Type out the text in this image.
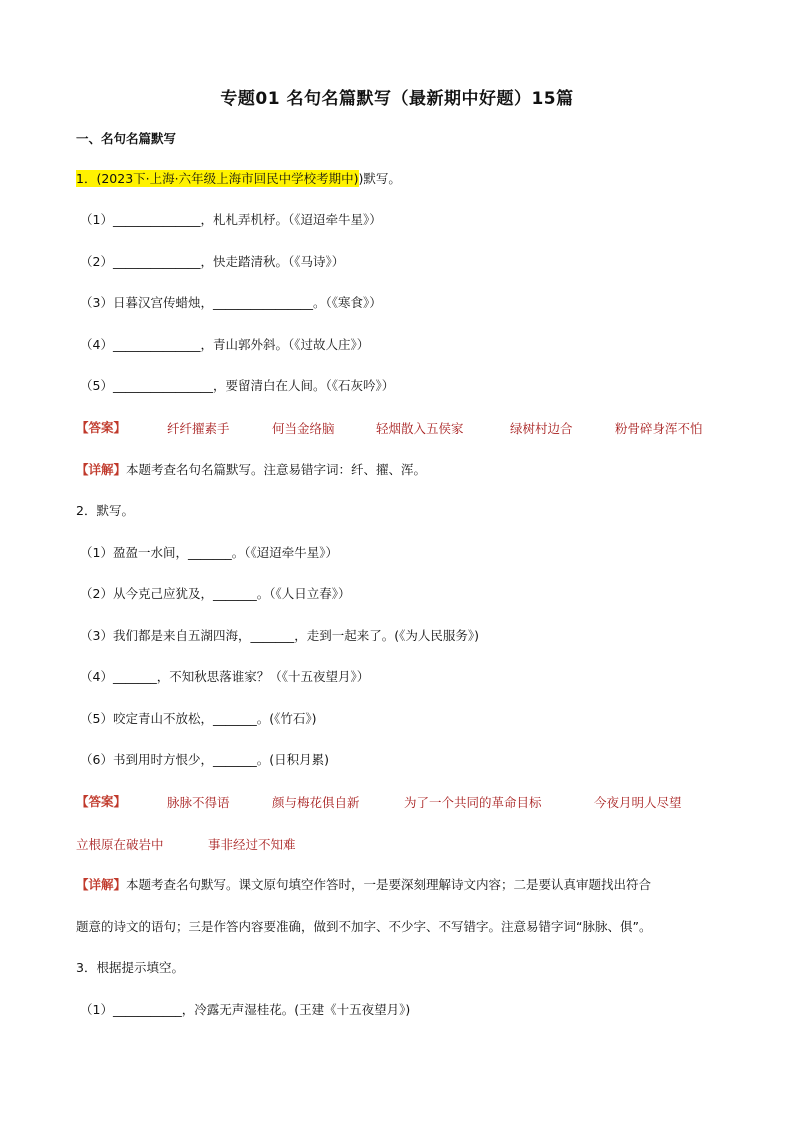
专题01 名句名篇默写（最新期中好题）15篇
一、名句名篇默写
1．(2023下·上海·六年级上海市回民中学校考期中))默写。
（1）______________，札札弄机杼。（《迢迢牵牛星》）
（2）______________，快走踏清秋。（《马诗》）
（3）日暮汉宫传蜡烛，________________。（《寒食》）
（4）______________，青山郭外斜。（《过故人庄》）
（5）________________，要留清白在人间。（《石灰吟》）
【答案】	纤纤擢素手	何当金络脑	轻烟散入五侯家	绿树村边合	粉骨碎身浑不怕
【详解】本题考查名句名篇默写。注意易错字词：纤、擢、浑。
2．默写。
（1）盈盈一水间，_______。（《迢迢牵牛星》）
（2）从今克己应犹及，_______。（《人日立春》）
（3）我们都是来自五湖四海，_______，走到一起来了。(《为人民服务》)
（4）_______，不知秋思落谁家？（《十五夜望月》）
（5）咬定青山不放松，_______。(《竹石》)
（6）书到用时方恨少，_______。(日积月累)
【答案】	脉脉不得语	颜与梅花俱自新	为了一个共同的革命目标	今夜月明人尽望
立根原在破岩中	事非经过不知难
【详解】本题考查名句默写。课文原句填空作答时，一是要深刻理解诗文内容；二是要认真审题找出符合
题意的诗文的语句；三是作答内容要准确，做到不加字、不少字、不写错字。注意易错字词“脉脉、俱”。
3．根据提示填空。
（1）___________，冷露无声湿桂花。(王建《十五夜望月》)
